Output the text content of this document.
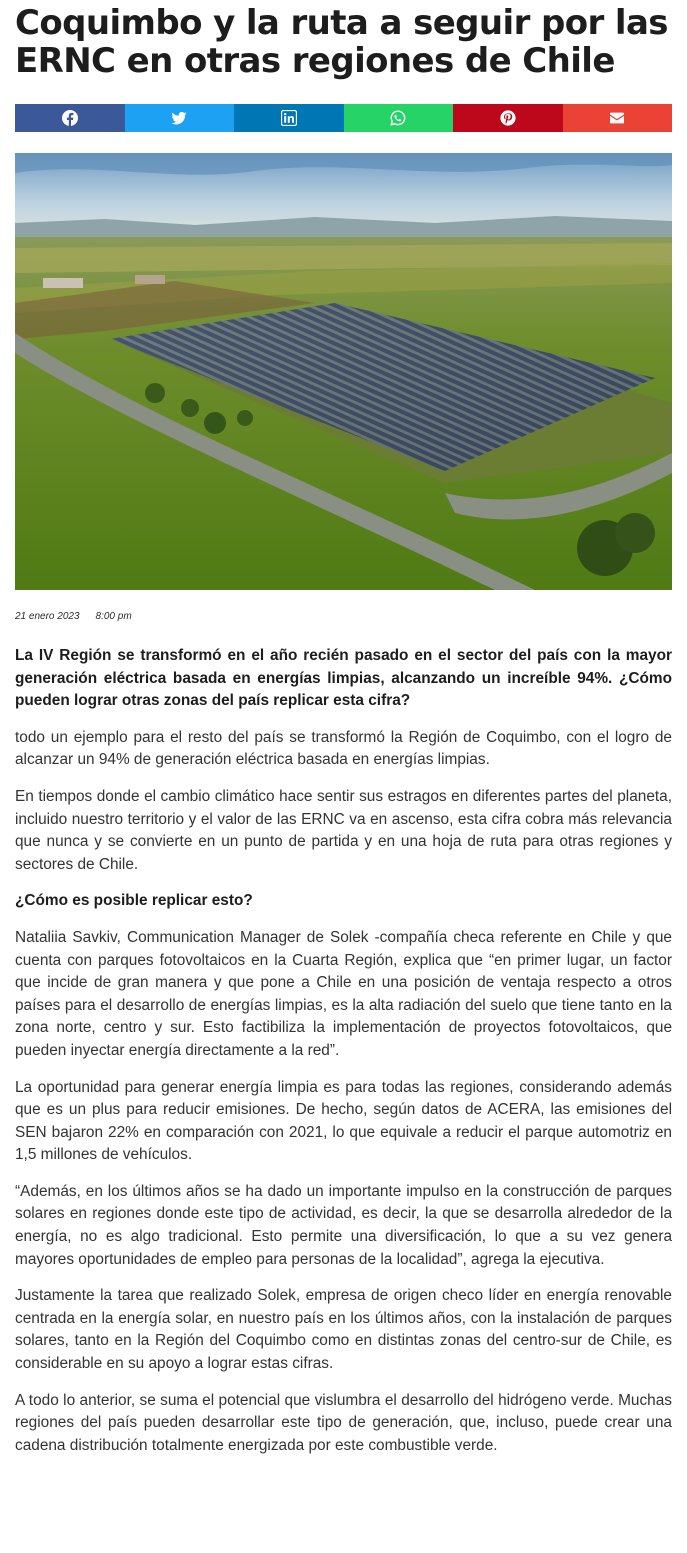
Coquimbo y la ruta a seguir por las ERNC en otras regiones de Chile
21 enero 2023 8:00 pm

La IV Región se transformó en el año recién pasado en el sector del país con la mayor generación eléctrica basada en energías limpias, alcanzando un increíble 94%. ¿Cómo pueden lograr otras zonas del país replicar esta cifra?

todo un ejemplo para el resto del país se transformó la Región de Coquimbo, con el logro de alcanzar un 94% de generación eléctrica basada en energías limpias.

En tiempos donde el cambio climático hace sentir sus estragos en diferentes partes del planeta, incluido nuestro territorio y el valor de las ERNC va en ascenso, esta cifra cobra más relevancia que nunca y se convierte en un punto de partida y en una hoja de ruta para otras regiones y sectores de Chile.

¿Cómo es posible replicar esto?

Nataliia Savkiv, Communication Manager de Solek -compañía checa referente en Chile y que cuenta con parques fotovoltaicos en la Cuarta Región, explica que “en primer lugar, un factor que incide de gran manera y que pone a Chile en una posición de ventaja respecto a otros países para el desarrollo de energías limpias, es la alta radiación del suelo que tiene tanto en la zona norte, centro y sur. Esto factibiliza la implementación de proyectos fotovoltaicos, que pueden inyectar energía directamente a la red”.

La oportunidad para generar energía limpia es para todas las regiones, considerando además que es un plus para reducir emisiones. De hecho, según datos de ACERA, las emisiones del SEN bajaron 22% en comparación con 2021, lo que equivale a reducir el parque automotriz en 1,5 millones de vehículos.

“Además, en los últimos años se ha dado un importante impulso en la construcción de parques solares en regiones donde este tipo de actividad, es decir, la que se desarrolla alrededor de la energía, no es algo tradicional. Esto permite una diversificación, lo que a su vez genera mayores oportunidades de empleo para personas de la localidad”, agrega la ejecutiva.

Justamente la tarea que realizado Solek, empresa de origen checo líder en energía renovable centrada en la energía solar, en nuestro país en los últimos años, con la instalación de parques solares, tanto en la Región del Coquimbo como en distintas zonas del centro-sur de Chile, es considerable en su apoyo a lograr estas cifras.

A todo lo anterior, se suma el potencial que vislumbra el desarrollo del hidrógeno verde. Muchas regiones del país pueden desarrollar este tipo de generación, que, incluso, puede crear una cadena distribución totalmente energizada por este combustible verde.
